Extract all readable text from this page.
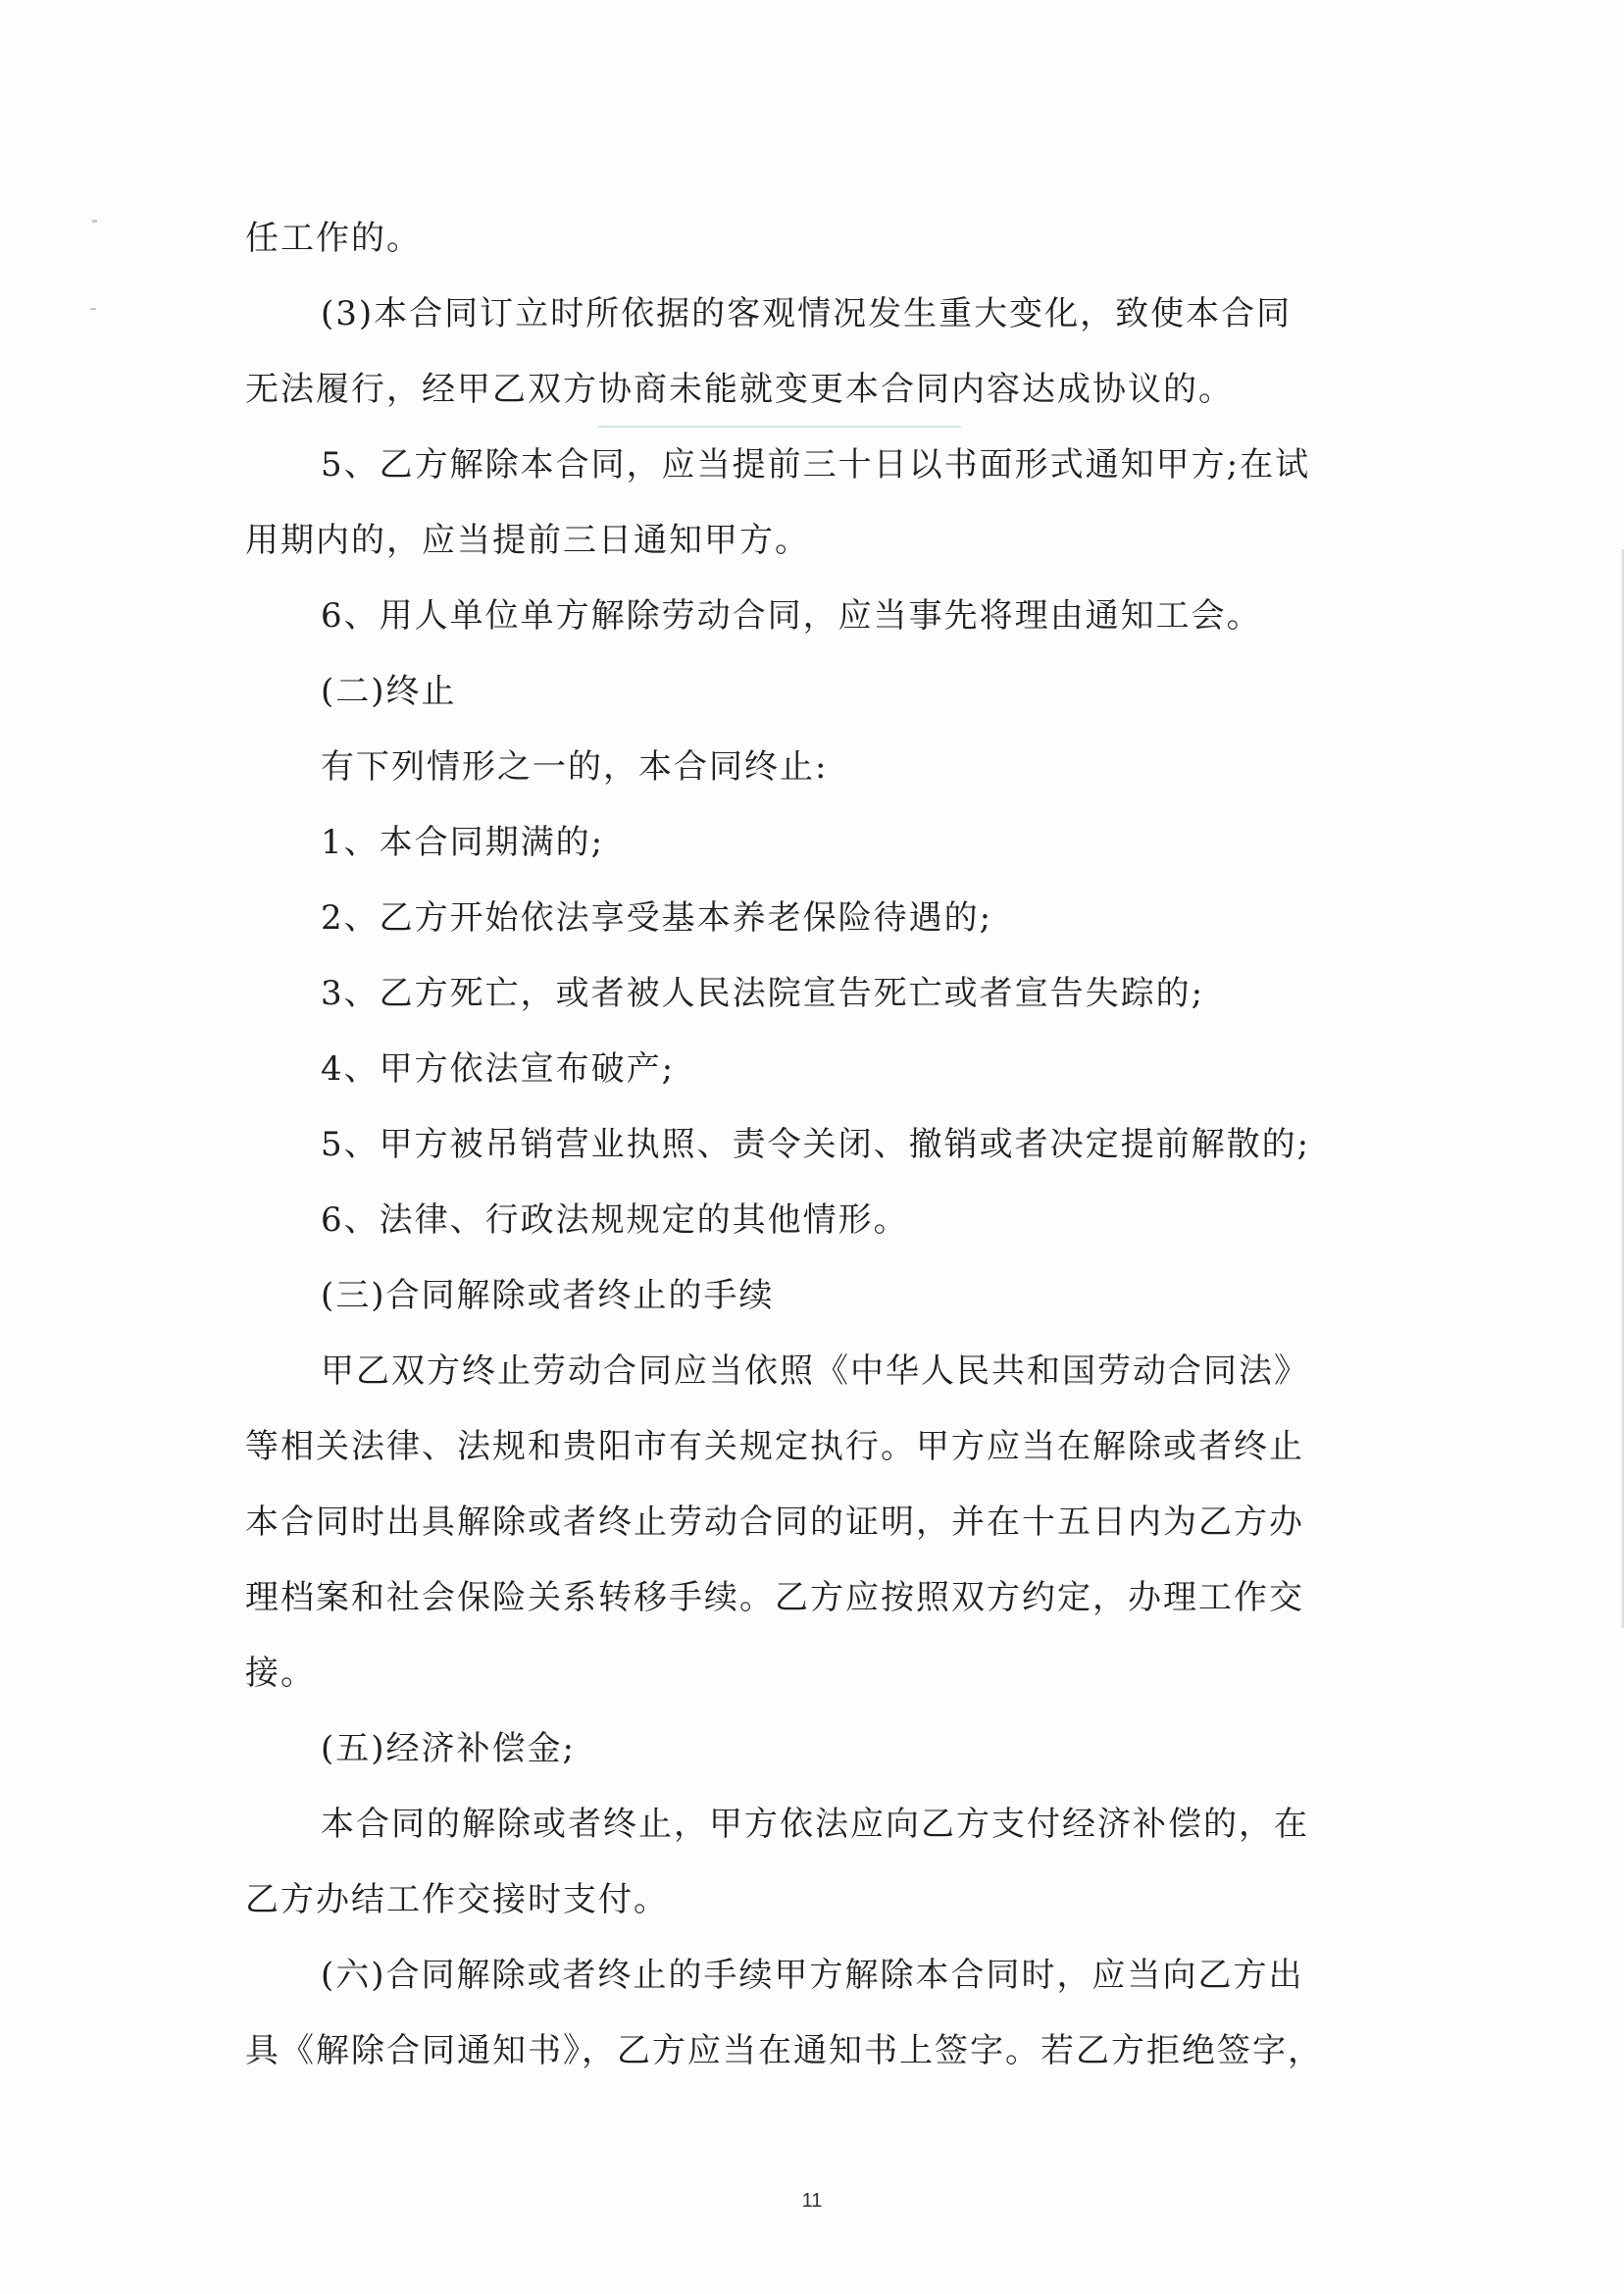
任工作的。
(3)本合同订立时所依据的客观情况发生重大变化，致使本合同
无法履行，经甲乙双方协商未能就变更本合同内容达成协议的。
5、乙方解除本合同，应当提前三十日以书面形式通知甲方;在试
用期内的，应当提前三日通知甲方。
6、用人单位单方解除劳动合同，应当事先将理由通知工会。
(二)终止
有下列情形之一的，本合同终止:
1、本合同期满的;
2、乙方开始依法享受基本养老保险待遇的;
3、乙方死亡，或者被人民法院宣告死亡或者宣告失踪的;
4、甲方依法宣布破产;
5、甲方被吊销营业执照、责令关闭、撤销或者决定提前解散的;
6、法律、行政法规规定的其他情形。
(三)合同解除或者终止的手续
甲乙双方终止劳动合同应当依照《中华人民共和国劳动合同法》
等相关法律、法规和贵阳市有关规定执行。甲方应当在解除或者终止
本合同时出具解除或者终止劳动合同的证明，并在十五日内为乙方办
理档案和社会保险关系转移手续。乙方应按照双方约定，办理工作交
接。
(五)经济补偿金;
本合同的解除或者终止，甲方依法应向乙方支付经济补偿的，在
乙方办结工作交接时支付。
(六)合同解除或者终止的手续甲方解除本合同时，应当向乙方出
具《解除合同通知书》，乙方应当在通知书上签字。若乙方拒绝签字，
11
